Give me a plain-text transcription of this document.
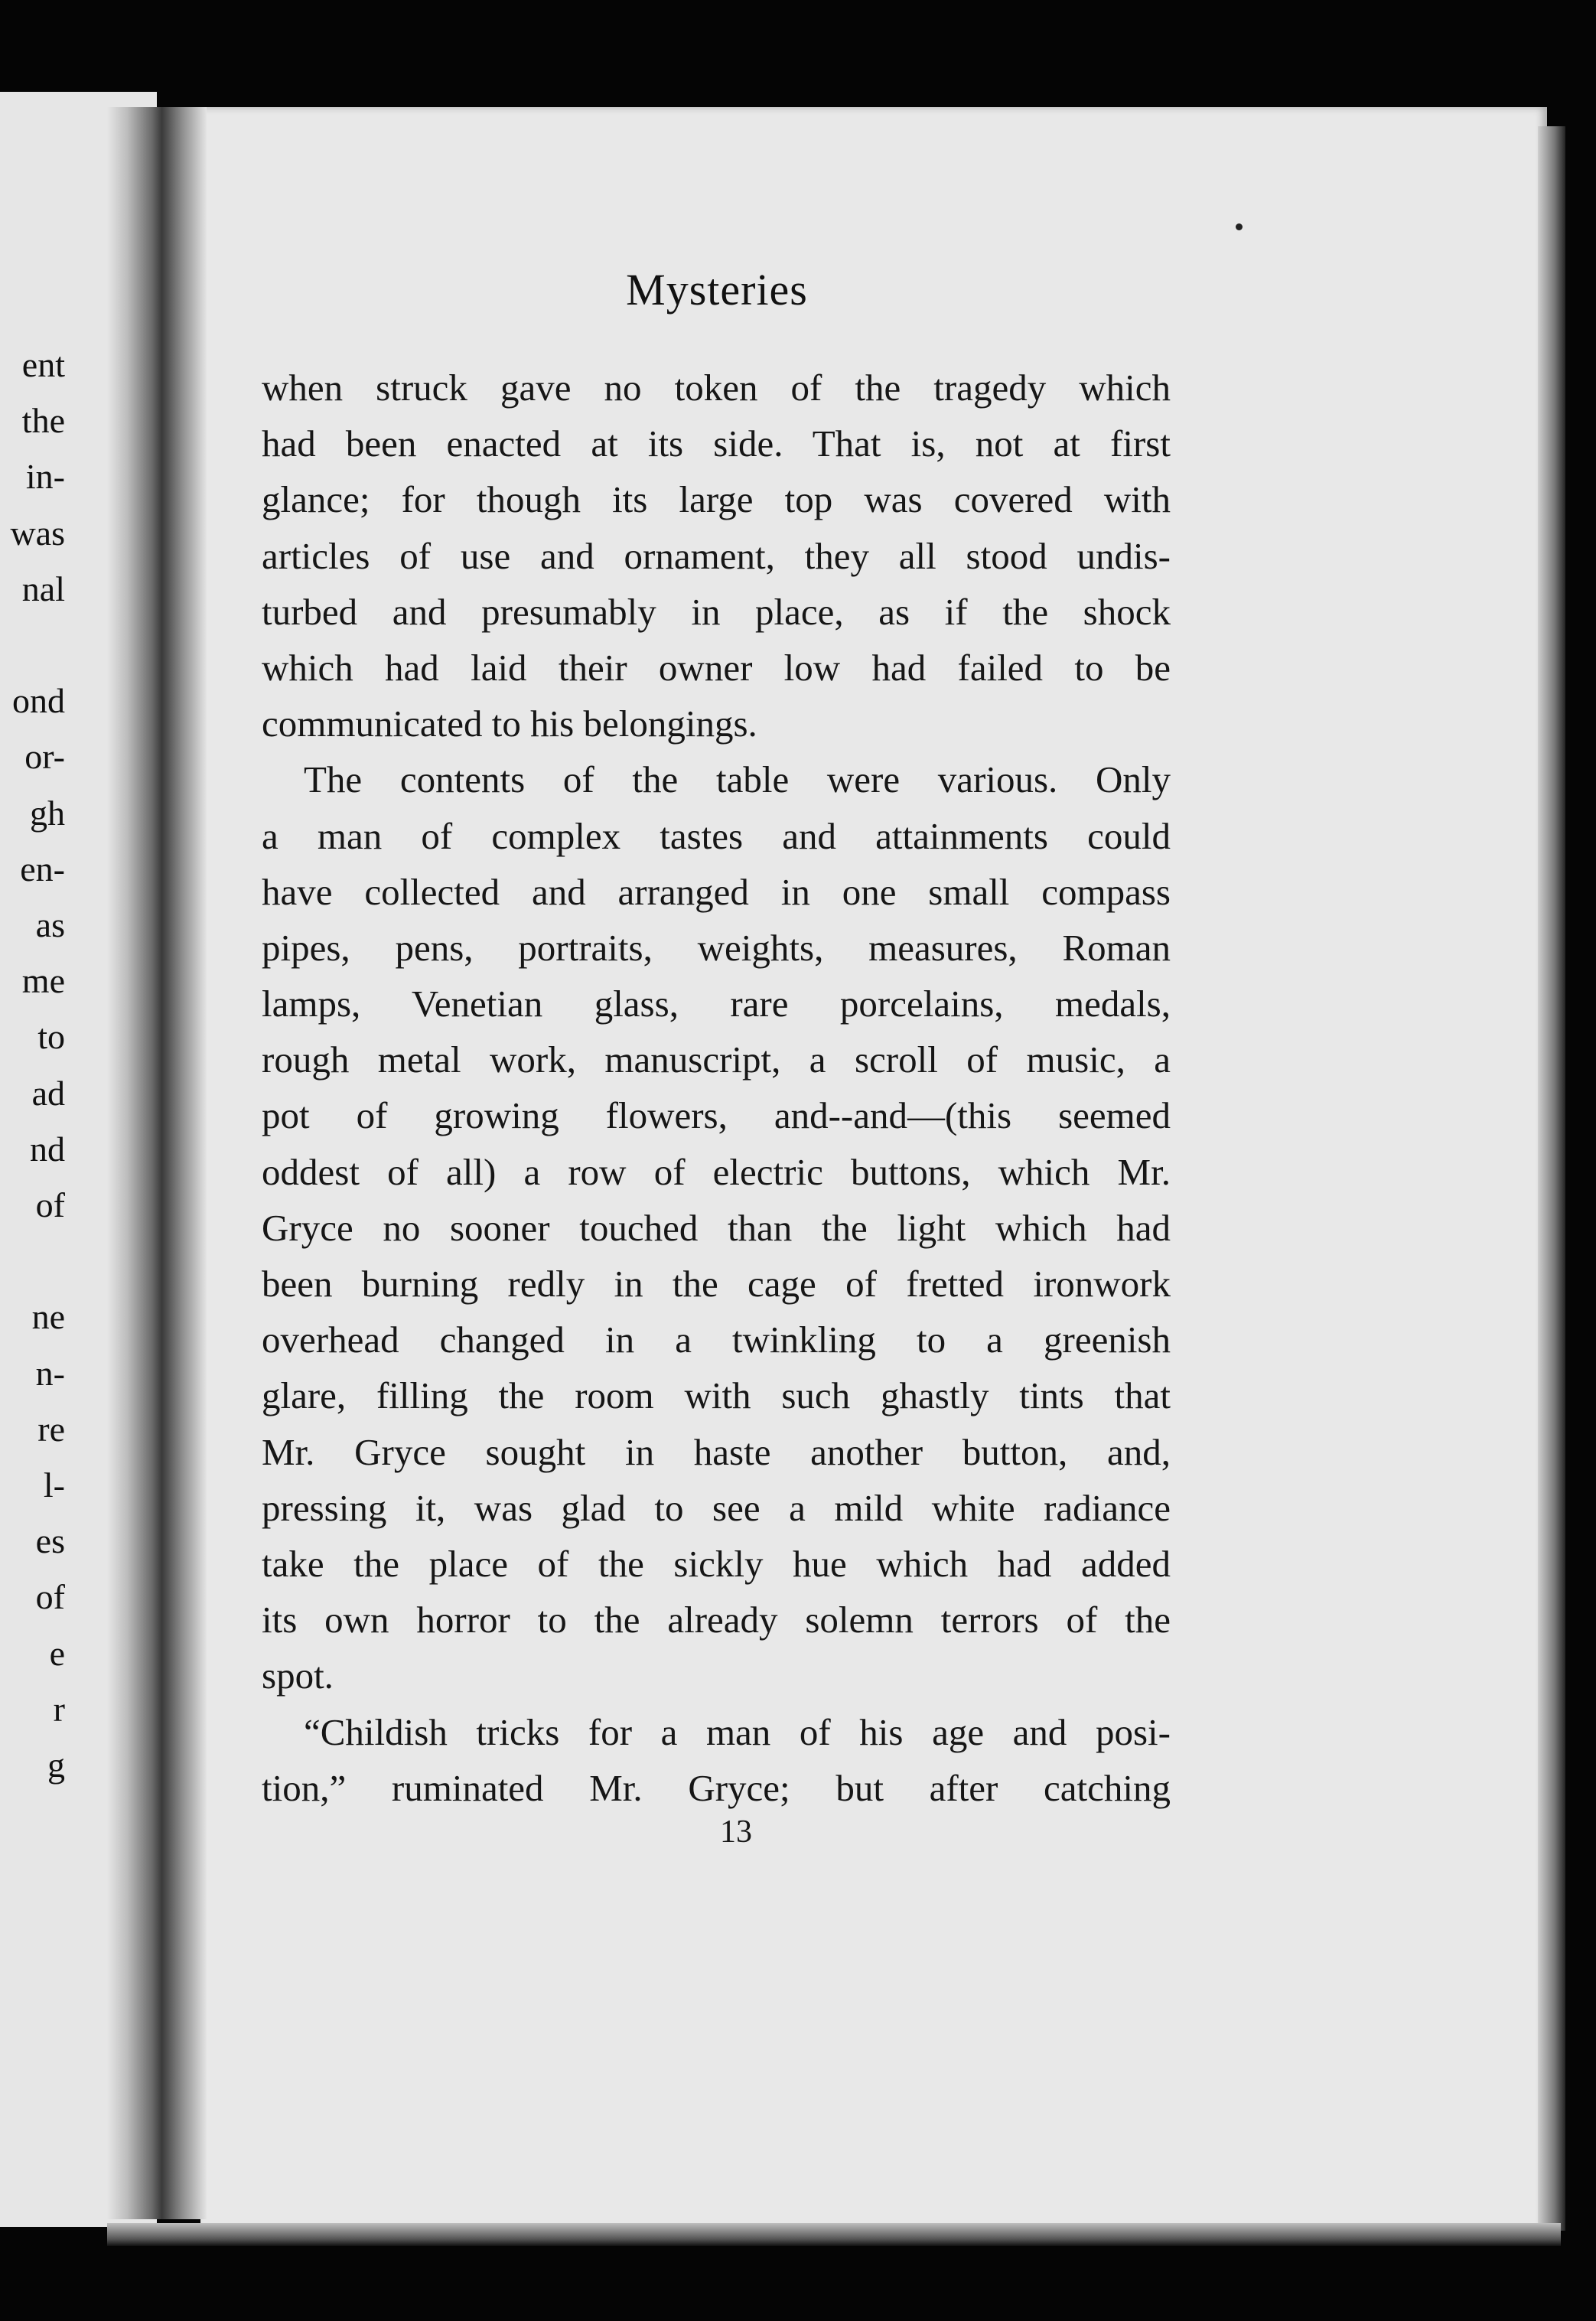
ent
the
in-
was
nal
ond
or-
gh
en-
as
me
to
ad
nd
of
ne
n-
re
l-
es
of
e
r
g
Mysteries
when struck gave no token of the tragedy which
had been enacted at its side. That is, not at first
glance; for though its large top was covered with
articles of use and ornament, they all stood undis-
turbed and presumably in place, as if the shock
which had laid their owner low had failed to be
communicated to his belongings.
The contents of the table were various. Only
a man of complex tastes and attainments could
have collected and arranged in one small compass
pipes, pens, portraits, weights, measures, Roman
lamps, Venetian glass, rare porcelains, medals,
rough metal work, manuscript, a scroll of music, a
pot of growing flowers, and--and—(this seemed
oddest of all) a row of electric buttons, which Mr.
Gryce no sooner touched than the light which had
been burning redly in the cage of fretted ironwork
overhead changed in a twinkling to a greenish
glare, filling the room with such ghastly tints that
Mr. Gryce sought in haste another button, and,
pressing it, was glad to see a mild white radiance
take the place of the sickly hue which had added
its own horror to the already solemn terrors of the
spot.
“Childish tricks for a man of his age and posi-
tion,” ruminated Mr. Gryce; but after catching
13
